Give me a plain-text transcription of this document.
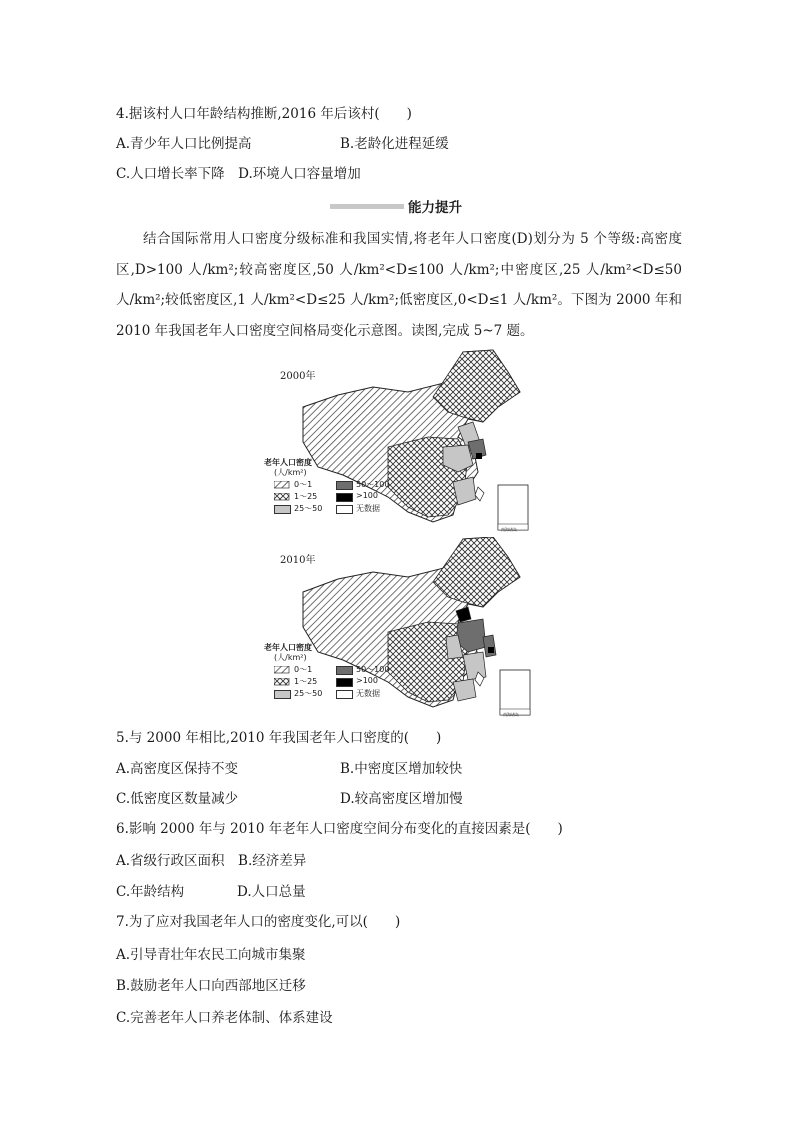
4.据该村人口年龄结构推断,2016 年后该村(　　)
A.青少年人口比例提高	B.老龄化进程延缓
C.人口增长率下降　D.环境人口容量增加
能力提升
结合国际常用人口密度分级标准和我国实情,将老年人口密度(D)划分为 5 个等级:高密度区,D>100 人/km²;较高密度区,50 人/km²<D≤100 人/km²;中密度区,25 人/km²<D≤50 人/km²;较低密度区,1 人/km²<D≤25 人/km²;低密度区,0<D≤1 人/km²。下图为 2000 年和 2010 年我国老年人口密度空间格局变化示意图。读图,完成 5~7 题。
2000年
老年人口密度
(人/km²)
0～1	50～100
1～25	>100
25～50	无数据
南海诸岛
2010年
老年人口密度
(人/km²)
0～1	50～100
1～25	>100
25～50	无数据
南海诸岛
5.与 2000 年相比,2010 年我国老年人口密度的(　　)
A.高密度区保持不变	B.中密度区增加较快
C.低密度区数量减少	D.较高密度区增加慢
6.影响 2000 年与 2010 年老年人口密度空间分布变化的直接因素是(　　)
A.省级行政区面积　B.经济差异
C.年龄结构	D.人口总量
7.为了应对我国老年人口的密度变化,可以(　　)
A.引导青壮年农民工向城市集聚
B.鼓励老年人口向西部地区迁移
C.完善老年人口养老体制、体系建设
